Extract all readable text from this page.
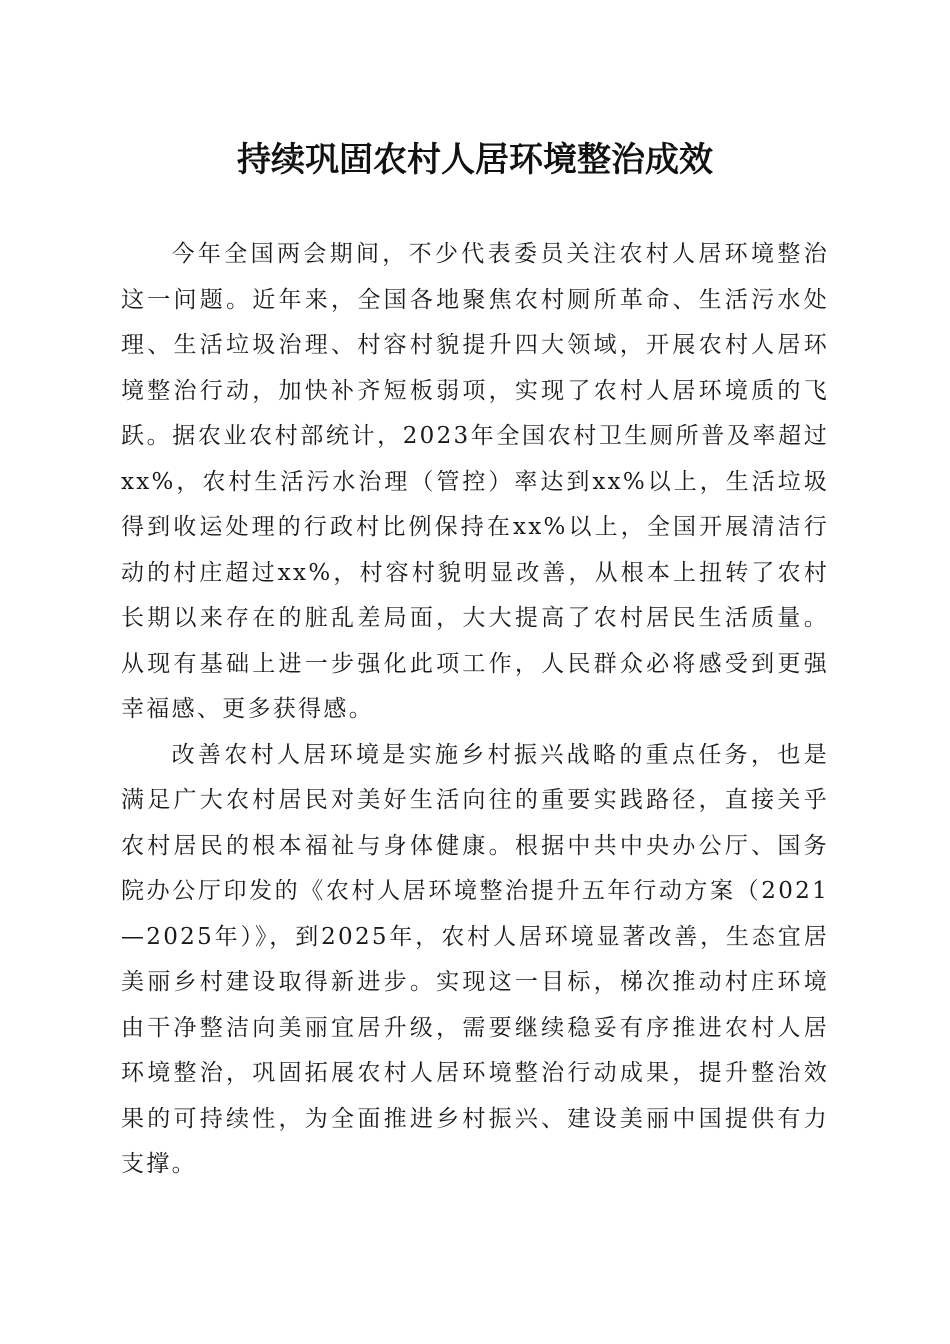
持续巩固农村人居环境整治成效

今年全国两会期间，不少代表委员关注农村人居环境整治这一问题。近年来，全国各地聚焦农村厕所革命、生活污水处理、生活垃圾治理、村容村貌提升四大领域，开展农村人居环境整治行动，加快补齐短板弱项，实现了农村人居环境质的飞跃。据农业农村部统计，2023年全国农村卫生厕所普及率超过xx%，农村生活污水治理（管控）率达到xx%以上，生活垃圾得到收运处理的行政村比例保持在xx%以上，全国开展清洁行动的村庄超过xx%，村容村貌明显改善，从根本上扭转了农村长期以来存在的脏乱差局面，大大提高了农村居民生活质量。从现有基础上进一步强化此项工作，人民群众必将感受到更强幸福感、更多获得感。

改善农村人居环境是实施乡村振兴战略的重点任务，也是满足广大农村居民对美好生活向往的重要实践路径，直接关乎农村居民的根本福祉与身体健康。根据中共中央办公厅、国务院办公厅印发的《农村人居环境整治提升五年行动方案（2021—2025年）》，到2025年，农村人居环境显著改善，生态宜居美丽乡村建设取得新进步。实现这一目标，梯次推动村庄环境由干净整洁向美丽宜居升级，需要继续稳妥有序推进农村人居环境整治，巩固拓展农村人居环境整治行动成果，提升整治效果的可持续性，为全面推进乡村振兴、建设美丽中国提供有力支撑。
